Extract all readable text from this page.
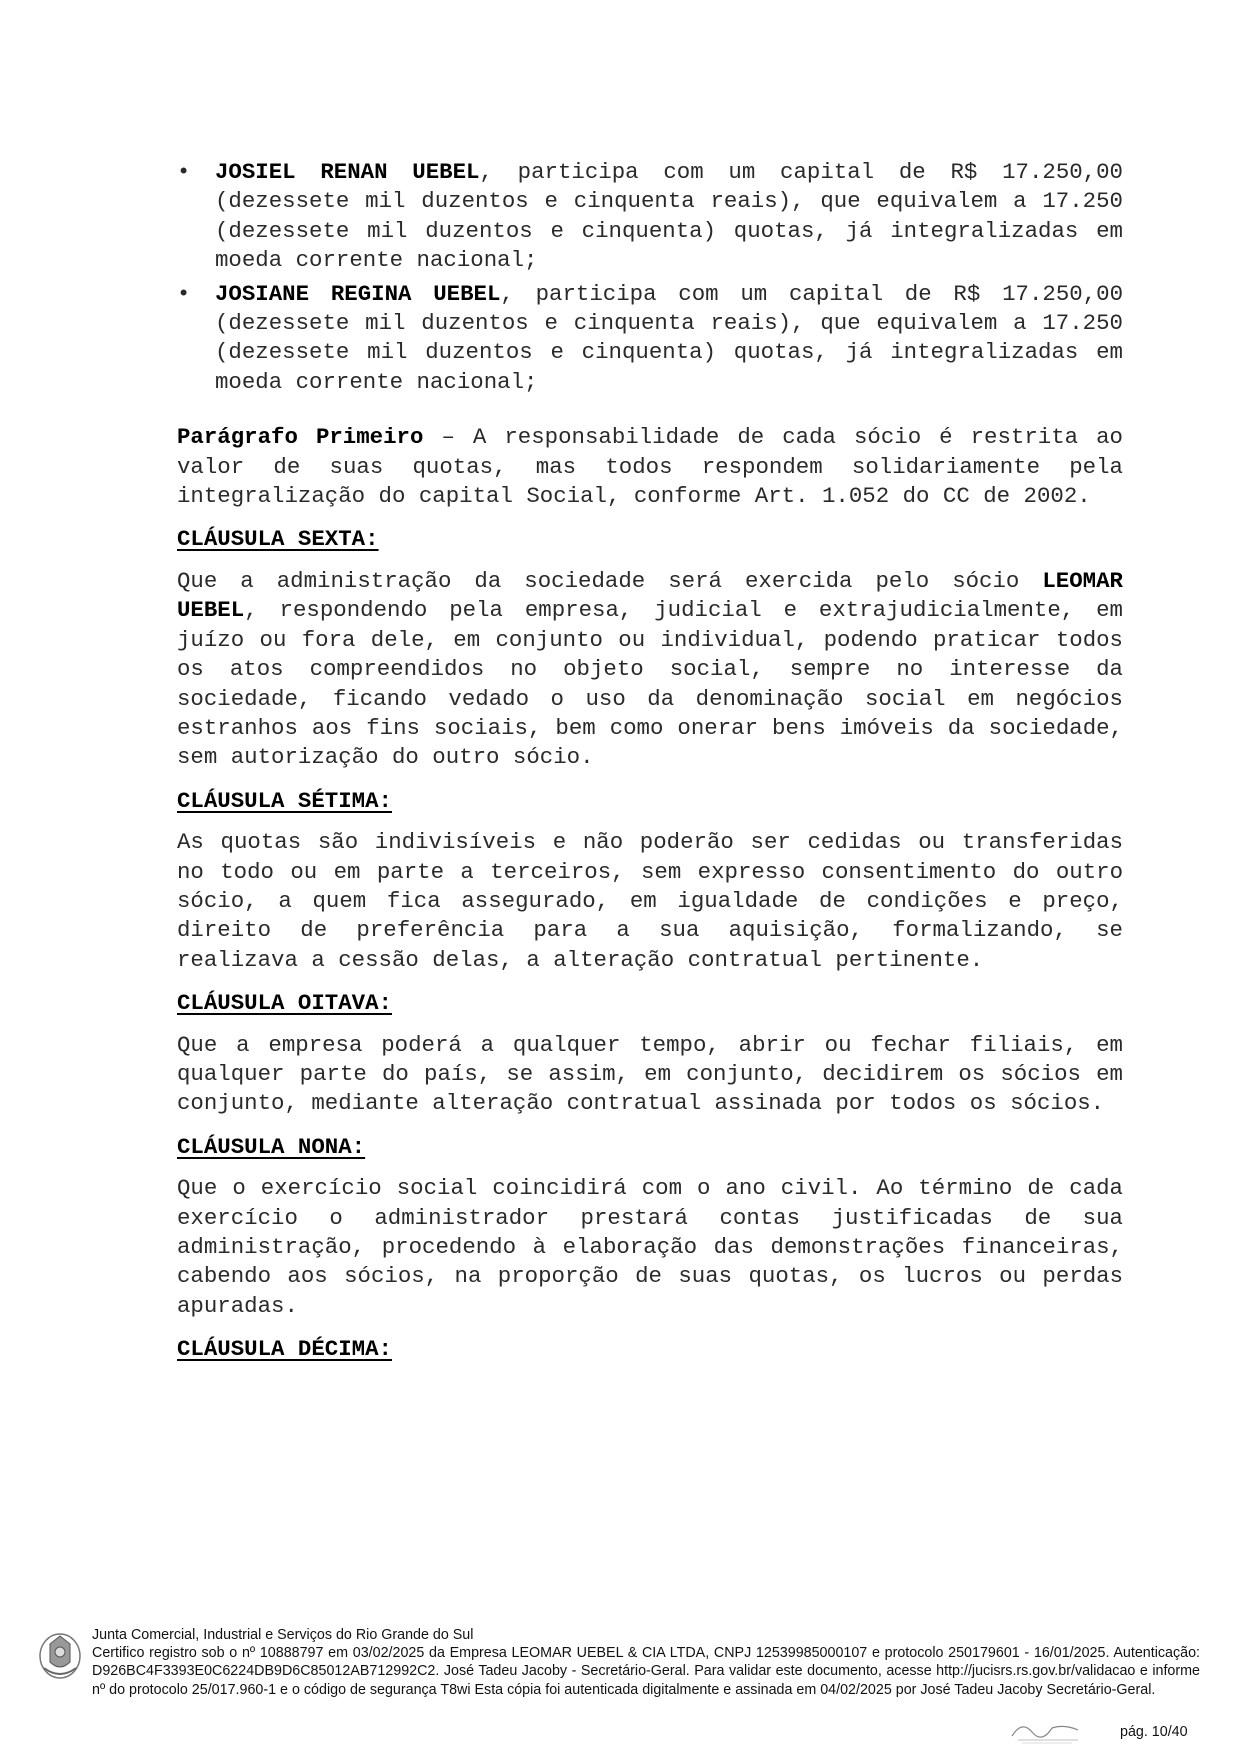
•	JOSIEL RENAN UEBEL, participa com um capital de R$ 17.250,00 (dezessete mil duzentos e cinquenta reais), que equivalem a 17.250 (dezessete mil duzentos e cinquenta) quotas, já integralizadas em moeda corrente nacional;
•	JOSIANE REGINA UEBEL, participa com um capital de R$ 17.250,00 (dezessete mil duzentos e cinquenta reais), que equivalem a 17.250 (dezessete mil duzentos e cinquenta) quotas, já integralizadas em moeda corrente nacional;

Parágrafo Primeiro – A responsabilidade de cada sócio é restrita ao valor de suas quotas, mas todos respondem solidariamente pela integralização do capital Social, conforme Art. 1.052 do CC de 2002.

CLÁUSULA SEXTA:

Que a administração da sociedade será exercida pelo sócio LEOMAR UEBEL, respondendo pela empresa, judicial e extrajudicialmente, em juízo ou fora dele, em conjunto ou individual, podendo praticar todos os atos compreendidos no objeto social, sempre no interesse da sociedade, ficando vedado o uso da denominação social em negócios estranhos aos fins sociais, bem como onerar bens imóveis da sociedade, sem autorização do outro sócio.

CLÁUSULA SÉTIMA:

As quotas são indivisíveis e não poderão ser cedidas ou transferidas no todo ou em parte a terceiros, sem expresso consentimento do outro sócio, a quem fica assegurado, em igualdade de condições e preço, direito de preferência para a sua aquisição, formalizando, se realizava a cessão delas, a alteração contratual pertinente.

CLÁUSULA OITAVA:

Que a empresa poderá a qualquer tempo, abrir ou fechar filiais, em qualquer parte do país, se assim, em conjunto, decidirem os sócios em conjunto, mediante alteração contratual assinada por todos os sócios.

CLÁUSULA NONA:

Que o exercício social coincidirá com o ano civil. Ao término de cada exercício o administrador prestará contas justificadas de sua administração, procedendo à elaboração das demonstrações financeiras, cabendo aos sócios, na proporção de suas quotas, os lucros ou perdas apuradas.

CLÁUSULA DÉCIMA:

Junta Comercial, Industrial e Serviços do Rio Grande do Sul
Certifico registro sob o nº 10888797 em 03/02/2025 da Empresa LEOMAR UEBEL & CIA LTDA, CNPJ 12539985000107 e protocolo 250179601 - 16/01/2025. Autenticação: D926BC4F3393E0C6224DB9D6C85012AB712992C2. José Tadeu Jacoby - Secretário-Geral. Para validar este documento, acesse http://jucisrs.rs.gov.br/validacao e informe nº do protocolo 25/017.960-1 e o código de segurança T8wi Esta cópia foi autenticada digitalmente e assinada em 04/02/2025 por José Tadeu Jacoby Secretário-Geral.
pág. 10/40
